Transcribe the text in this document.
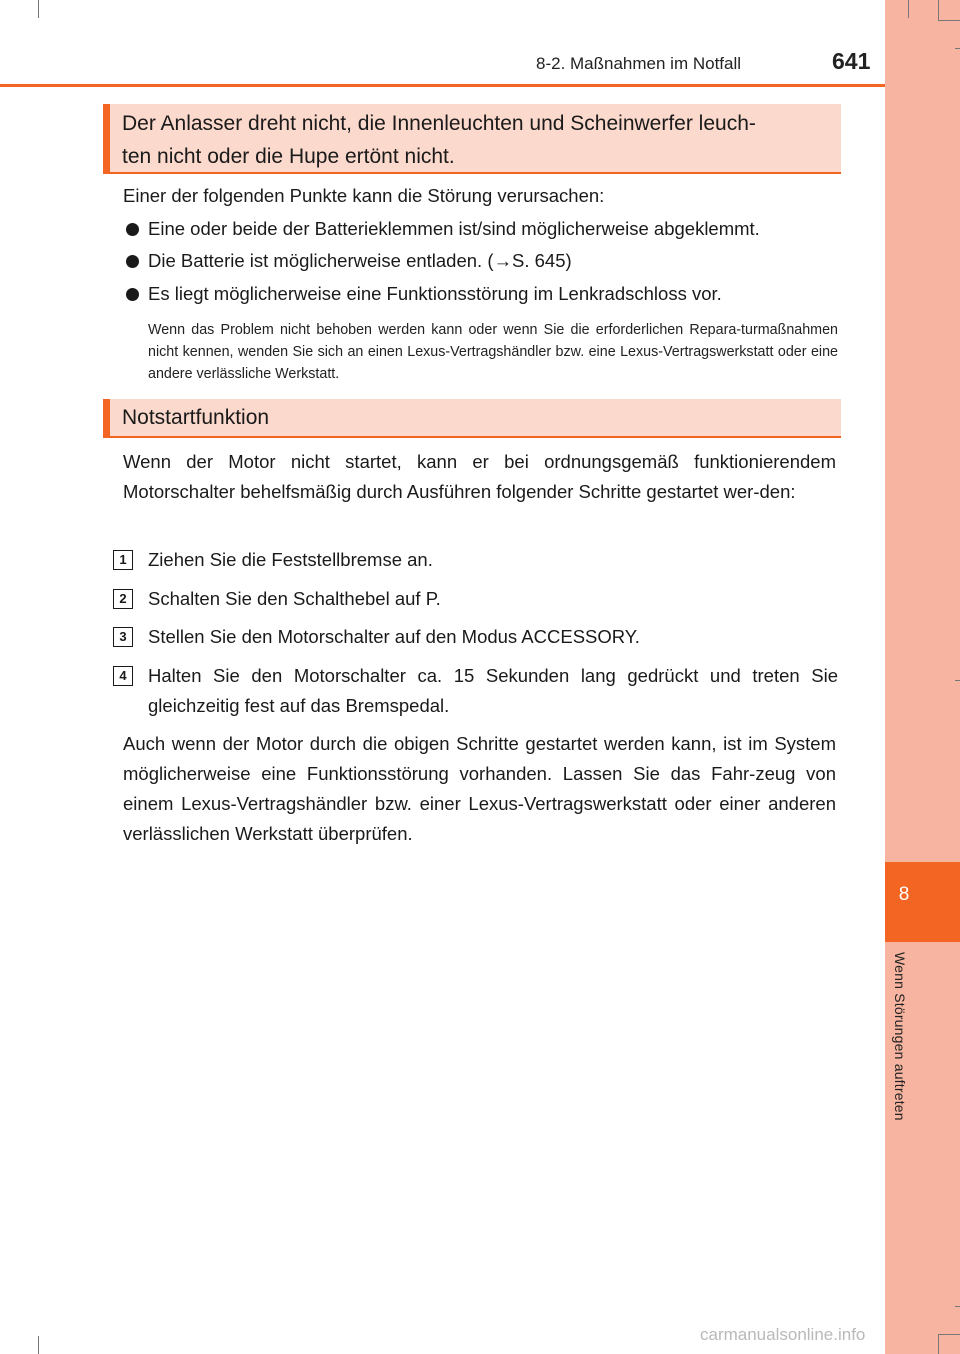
8
Wenn Störungen auftreten
8-2. Maßnahmen im Notfall	641
Der Anlasser dreht nicht, die Innenleuchten und Scheinwerfer leuch-
ten nicht oder die Hupe ertönt nicht.
Einer der folgenden Punkte kann die Störung verursachen:
Eine oder beide der Batterieklemmen ist/sind möglicherweise abgeklemmt.
Die Batterie ist möglicherweise entladen. (→S. 645)
Es liegt möglicherweise eine Funktionsstörung im Lenkradschloss vor.
Wenn das Problem nicht behoben werden kann oder wenn Sie die erforderlichen Repara-turmaßnahmen nicht kennen, wenden Sie sich an einen Lexus-Vertragshändler bzw. eine Lexus-Vertragswerkstatt oder eine andere verlässliche Werkstatt.
Notstartfunktion
Wenn der Motor nicht startet, kann er bei ordnungsgemäß funktionierendem Motorschalter behelfsmäßig durch Ausführen folgender Schritte gestartet wer-den:
1	Ziehen Sie die Feststellbremse an.
2	Schalten Sie den Schalthebel auf P.
3	Stellen Sie den Motorschalter auf den Modus ACCESSORY.
4	Halten Sie den Motorschalter ca. 15 Sekunden lang gedrückt und treten Sie gleichzeitig fest auf das Bremspedal.
Auch wenn der Motor durch die obigen Schritte gestartet werden kann, ist im System möglicherweise eine Funktionsstörung vorhanden. Lassen Sie das Fahr-zeug von einem Lexus-Vertragshändler bzw. einer Lexus-Vertragswerkstatt oder einer anderen verlässlichen Werkstatt überprüfen.
carmanualsonline.info
